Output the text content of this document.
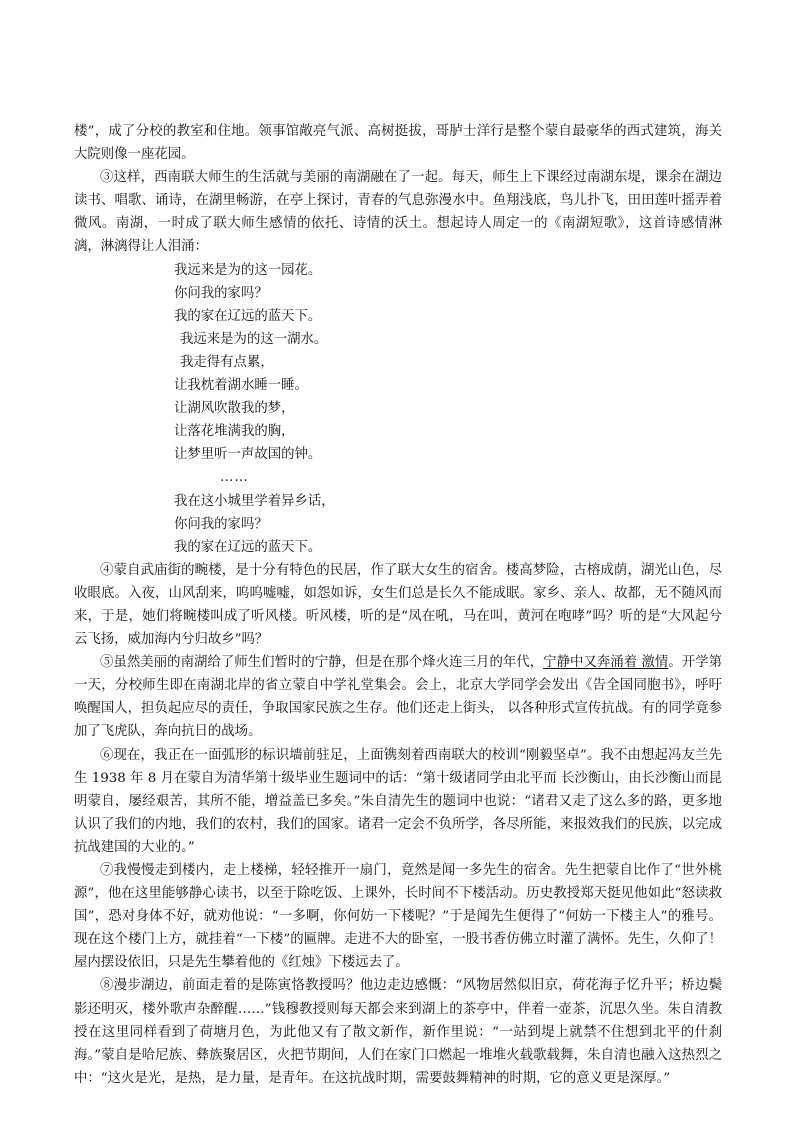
楼”，成了分校的教室和住地。领事馆敞亮气派、高树挺拔，哥胪士洋行是整个蒙自最豪华的西式建筑，海关大院则像一座花园。

③这样，西南联大师生的生活就与美丽的南湖融在了一起。每天，师生上下课经过南湖东堤，课余在湖边读书、唱歌、诵诗，在湖里畅游，在亭上探讨，青春的气息弥漫水中。鱼翔浅底，鸟儿扑飞，田田莲叶摇弄着微风。南湖，一时成了联大师生感情的依托、诗情的沃土。想起诗人周定一的《南湖短歌》，这首诗感情淋漓，淋漓得让人泪涌：

我远来是为的这一园花。
你问我的家吗？
我的家在辽远的蓝天下。
我远来是为的这一湖水。
我走得有点累，
让我枕着湖水睡一睡。
让湖风吹散我的梦，
让落花堆满我的胸，
让梦里听一声故国的钟。
……
我在这小城里学着异乡话，
你问我的家吗？
我的家在辽远的蓝天下。

④蒙自武庙街的畹楼，是十分有特色的民居，作了联大女生的宿舍。楼高梦险，古榕成荫，湖光山色，尽收眼底。入夜，山风刮来，呜呜嘘嘘，如怨如诉，女生们总是长久不能成眠。家乡、亲人、故都，无不随风而来，于是，她们将畹楼叫成了听风楼。听风楼，听的是“凤在吼，马在叫，黄河在咆哮”吗？听的是“大风起兮云飞扬，威加海内兮归故乡”吗？

⑤虽然美丽的南湖给了师生们暂时的宁静，但是在那个烽火连三月的年代，宁静中又奔涌着 激情。开学第一天，分校师生即在南湖北岸的省立蒙自中学礼堂集会。会上，北京大学同学会发出《告全国同胞书》，呼吁唤醒国人，担负起应尽的责任，争取国家民族之生存。他们还走上街头， 以各种形式宣传抗战。有的同学竟参加了飞虎队，奔向抗日的战场。

⑥现在，我正在一面弧形的标识墙前驻足，上面镌刻着西南联大的校训“刚毅坚卓”。我不由想起冯友兰先生 1938 年 8 月在蒙自为清华第十级毕业生题词中的话：“第十级诸同学由北平而 长沙衡山，由长沙衡山而昆明蒙自，屡经艰苦，其所不能，增益盖已多矣。”朱自清先生的题词中也说：“诸君又走了这么多的路，更多地认识了我们的内地，我们的农村，我们的国家。诸君一定会不负所学，各尽所能，来报效我们的民族，以完成抗战建国的大业的。”

⑦我慢慢走到楼内，走上楼梯，轻轻推开一扇门，竟然是闻一多先生的宿舍。先生把蒙自比作了“世外桃源”，他在这里能够静心读书，以至于除吃饭、上课外，长时间不下楼活动。历史教授郑天挺见他如此“怒读救国”，恐对身体不好，就劝他说：“一多啊，你何妨一下楼呢？”于是闻先生便得了“何妨一下楼主人”的雅号。现在这个楼门上方，就挂着“一下楼”的匾牌。走进不大的卧室，一股书香仿佛立时灌了满怀。先生，久仰了！屋内摆设依旧，只是先生攀着他的《红烛》下楼远去了。

⑧漫步湖边，前面走着的是陈寅恪教授吗？他边走边感慨：“风物居然似旧京，荷花海子忆升平；桥边鬓影还明灭，楼外歌声杂醉醒……”钱穆教授则每天都会来到湖上的茶亭中，伴着一壶茶，沉思久坐。朱自清教授在这里同样看到了荷塘月色，为此他又有了散文新作，新作里说：“一站到堤上就禁不住想到北平的什刹海。”蒙自是哈尼族、彝族聚居区，火把节期间，人们在家门口燃起一堆堆火载歌载舞，朱自清也融入这热烈之中：“这火是光，是热，是力量，是青年。在这抗战时期，需要鼓舞精神的时期，它的意义更是深厚。”
